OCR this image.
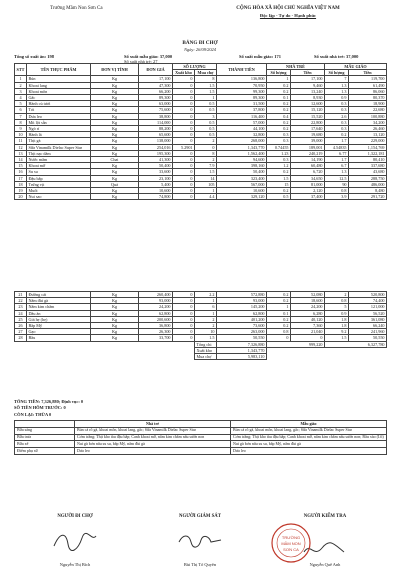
Trường Mầm Non Sơn Ca	CỘNG HÒA XÃ HỘI CHỦ NGHĨA VIỆT NAM
Độc lập - Tự do - Hạnh phúc
BẢNG ĐI CHỢ
Ngày: 26/09/2024
Tổng số xuất ăn: 198	Số xuất mẫu giáo: 37,000	Số suất mẫu giáo: 171	Số xuất nhà trẻ: 37,000
Số suất nhà trẻ: 27
STT	TÊN THỰC PHẨM	ĐƠN VỊ TÍNH	ĐƠN GIÁ	SỐ LƯỢNG		THÀNH TIỀN	NHÀ TRẺ		MẪU GIÁO	
				Xuất kho	Mua chợ		Số lượng	Tiền	Số lượng	Tiền
1	Bún	Kg	17,100	0	8	136,800	1	17,100	7	119,700
2	Khoai lang	Kg	47,300	0	1.5	70,950	0.2	9,460	1.3	61,490
3	Khoai môn	Kg	66,200	0	1.5	99,300	0.2	13,240	1.3	86,060
4	Gấc	Kg	89,300	0	1	89,300	0.1	8,930	0.9	80,370
5	Hành củ tươi	Kg	63,000	0	0.5	31,500	0.2	12,600	0.3	18,900
6	Tỏi	Kg	75,600	0	0.5	37,800	0.2	15,120	0.3	22,680
7	Dưa leo	Kg	38,800	0	3	116,400	0.4	15,520	2.6	100,880
8	Mít lột sẵn	Kg	114,000	0	0.5	57,000	0.2	22,800	0.3	34,200
9	Ngò rí	Kg	88,200	0	0.5	44,100	0.2	17,640	0.3	26,460
10	Hành lá	Kg	65,600	0	0.5	32,800	0.3	19,680	0.2	13,120
11	Thịt gà	Kg	138,000	0	2	268,000	0.3	39,000	1.7	229,000
12	Sữa Vinamilk Dielac Super Star	Kg	254,016	5.2901	0	1,343,770	0.74455	189,001	4.54835	1,154,769
13	Thịt nạc dăm	Kg	195,300	0	8	1,562,400	1.23	240,219	6.77	1,322,181
14	Nước mắm	Chai	41,300	0	2	94,600	0.3	14,190	1.7	80,410
15	Khoai mỡ	Kg	50,400	0	7.9	398,160	1.2	60,480	6.7	337,680
16	Su su	Kg	33,600	0	1.5	50,400	0.2	6,720	1.3	43,680
17	Đậu bắp	Kg	23,100	0	14	323,400	1.5	34,650	12.5	288,750
18	Trứng vịt	Quả	5,400	0	105	567,000	15	81,000	90	486,000
19	Muối	Kg	10,600	0	1	10,600	0.2	2,120	0.8	8,480
20	Nui sao	Kg	74,800	0	4.4	329,120	0.5	37,400	3.9	291,720
21	Đường cát	Kg	260,400	0	2.2	572,880	0.2	52,080	2	520,800
22	Nấm đùi gà	Kg	93,000	0	1	93,000	0.2	18,600	0.8	74,400
23	Nấm kim châm	Kg	24,200	0	6	145,200	1	24,200	5	121,000
24	Dầu ăn	Kg	62,800	0	1	62,800	0.1	6,280	0.9	56,520
25	Giá hẹ (hẹ)	Kg	200,600	0	2	401,200	0.2	40,120	1.8	361,080
26	Bắp Mỹ	Kg	36,800	0	2	73,600	0.2	7,360	1.8	66,240
27	Gạo	Kg	26,300	0	10	263,000	0.8	21,040	9.2	241,960
28	Bầu	Kg	33,700	0	1.5	50,550	0	0	1.5	50,550
					Tổng chi	7,326,880	999,220		6,327,780	
					Xuất kho	1,343,770				
					Mua chợ	5,983,110				
TỔNG TIỀN: 7,326,880; Định vục: 0
SỐ TIỀN HÔM TRƯỚC: 0
CÒN LẠI: THỪA 0
	Nhà trẻ	Mẫu giáo
Bữa sáng	Bún cá rô gà, khoai môn, khoai lang, gấc; Sữa Vinamilk Dielac Super Star	Bún cá rô gà, khoai môn, khoai lang, gấc; Sữa Vinamilk Dielac Super Star
Bữa trưa	Cơm trắng; Thịt kho tàu đậu bắp; Canh khoai mỡ, nấm kim châm nấu sườn non	Cơm trắng; Thịt kho tàu đậu bắp; Canh khoai mỡ, nấm kim châm nấu sườn non; Bầu xào (L6)
Bữa xế	Nui gà bơn nấu su su, bắp Mỹ, nấm đùi gà	Nui gà bơn nấu su su, bắp Mỹ, nấm đùi gà
Điểm phụ sữ	Dưa leo	Dưa leo
NGƯỜI ĐI CHỢ	NGƯỜI GIÁM SÁT	NGƯỜI KIỂM TRA
TRƯỜNG
MẦM NON
SƠN CA
Nguyễn Thị Bích	Bùi Thị Tố Quyên	Nguyễn Quế Anh
